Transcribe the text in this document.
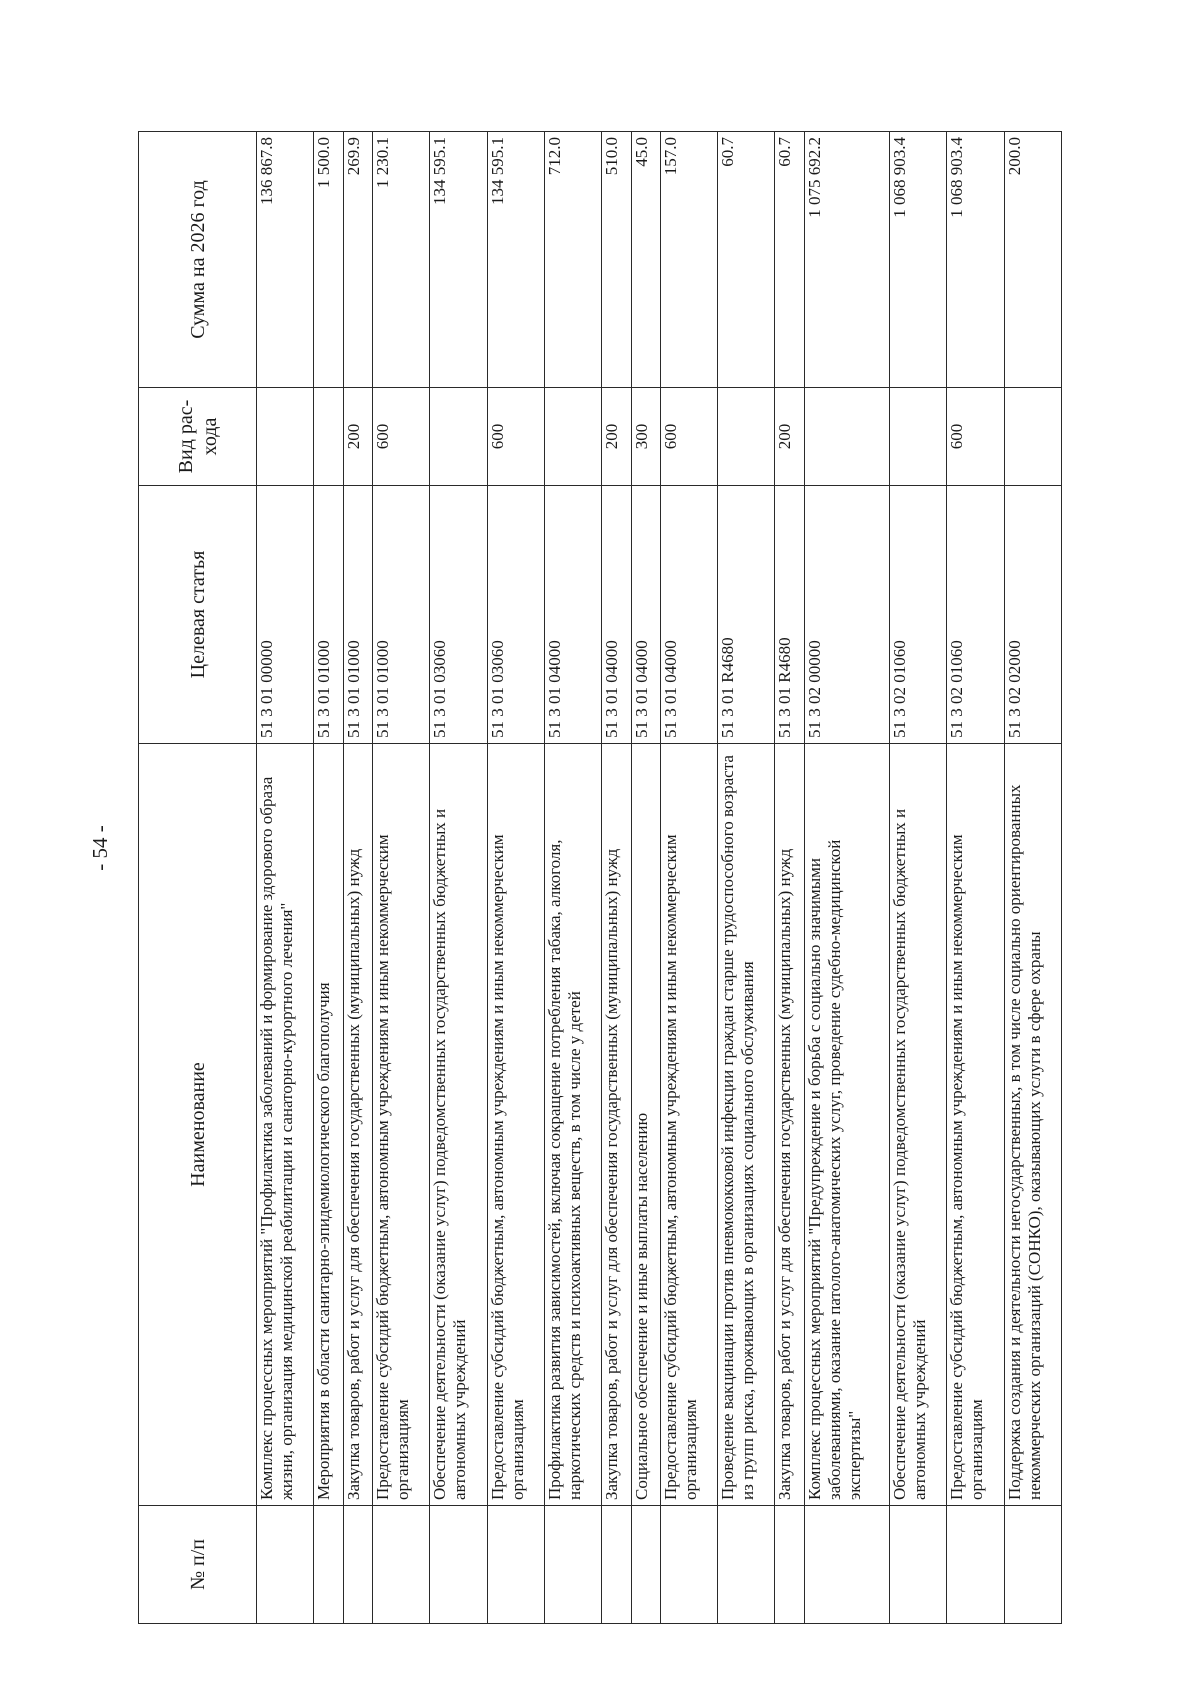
- 54 -
№ п/п	Наименование	Целевая статья	Вид рас-хода	Сумма на 2026 год
	Комплекс процессных мероприятий "Профилактика заболеваний и формирование здорового образа жизни, организация медицинской реабилитации и санаторно-курортного лечения"	51 3 01 00000		136 867.8
	Мероприятия в области санитарно-эпидемиологического благополучия	51 3 01 01000		1 500.0
	Закупка товаров, работ и услуг для обеспечения государственных (муниципальных) нужд	51 3 01 01000	200	269.9
	Предоставление субсидий бюджетным, автономным учреждениям и иным некоммерческим организациям	51 3 01 01000	600	1 230.1
	Обеспечение деятельности (оказание услуг) подведомственных государственных бюджетных и автономных учреждений	51 3 01 03060		134 595.1
	Предоставление субсидий бюджетным, автономным учреждениям и иным некоммерческим организациям	51 3 01 03060	600	134 595.1
	Профилактика развития зависимостей, включая сокращение потребления табака, алкоголя, наркотических средств и психоактивных веществ, в том числе у детей	51 3 01 04000		712.0
	Закупка товаров, работ и услуг для обеспечения государственных (муниципальных) нужд	51 3 01 04000	200	510.0
	Социальное обеспечение и иные выплаты населению	51 3 01 04000	300	45.0
	Предоставление субсидий бюджетным, автономным учреждениям и иным некоммерческим организациям	51 3 01 04000	600	157.0
	Проведение вакцинации против пневмококковой инфекции граждан старше трудоспособного возраста из групп риска, проживающих в организациях социального обслуживания	51 3 01 R4680		60.7
	Закупка товаров, работ и услуг для обеспечения государственных (муниципальных) нужд	51 3 01 R4680	200	60.7
	Комплекс процессных мероприятий "Предупреждение и борьба с социально значимыми заболеваниями, оказание патолого-анатомических услуг, проведение судебно-медицинской экспертизы"	51 3 02 00000		1 075 692.2
	Обеспечение деятельности (оказание услуг) подведомственных государственных бюджетных и автономных учреждений	51 3 02 01060		1 068 903.4
	Предоставление субсидий бюджетным, автономным учреждениям и иным некоммерческим организациям	51 3 02 01060	600	1 068 903.4
	Поддержка создания и деятельности негосударственных, в том числе социально ориентированных некоммерческих организаций (СОНКО), оказывающих услуги в сфере охраны	51 3 02 02000		200.0
